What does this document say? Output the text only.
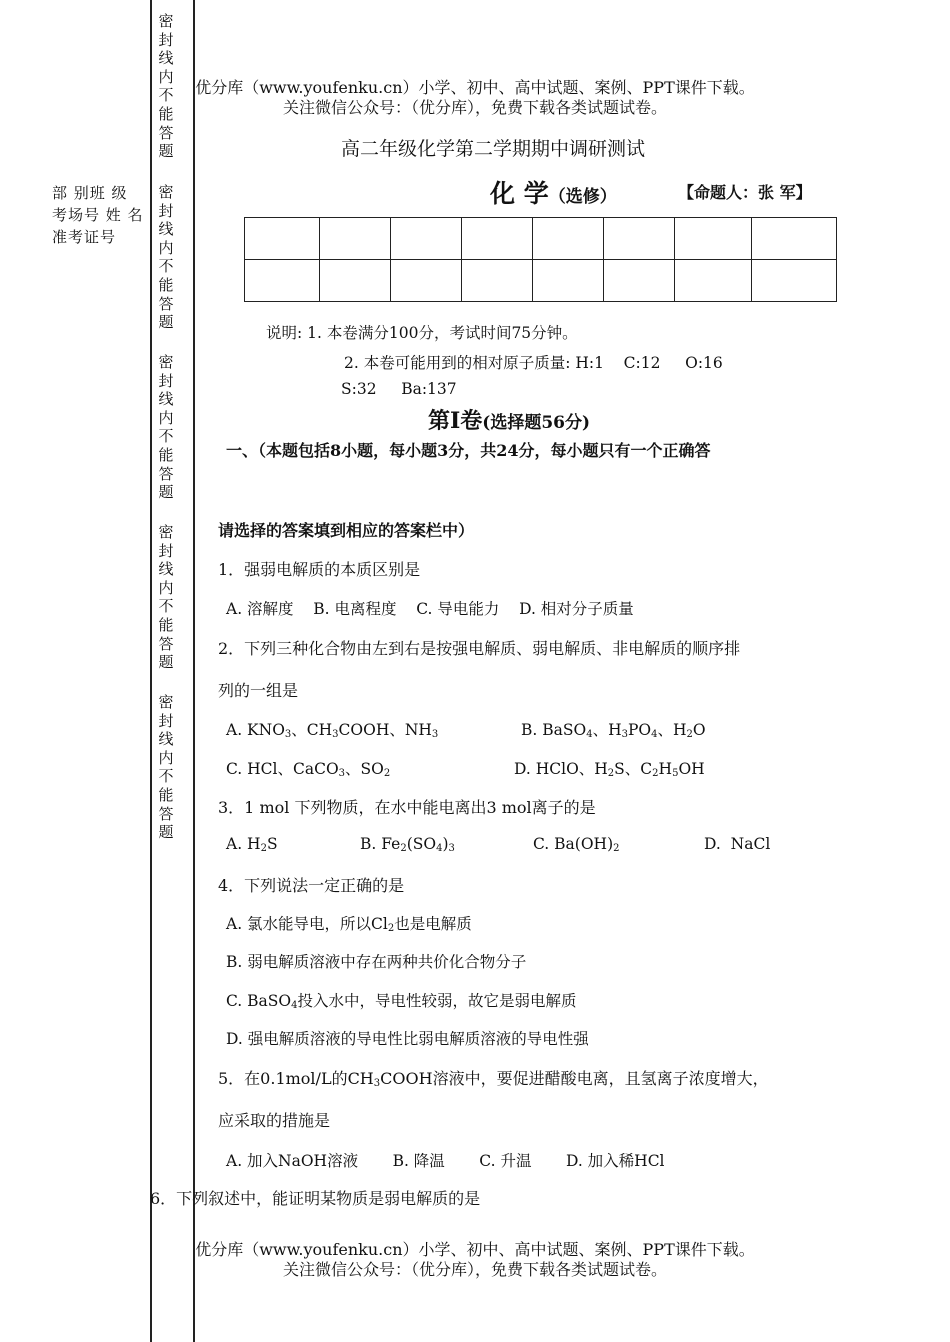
密封线内不能答题
密封线内不能答题
密封线内不能答题
密封线内不能答题
密封线内不能答题
部 别班 级 考场号 姓 名准考证号
优分库（www.youfenku.cn）小学、初中、高中试题、案例、PPT课件下载。
关注微信公众号：（优分库），免费下载各类试题试卷。
高二年级化学第二学期期中调研测试
化 学（选修）	【命题人：张 军】

说明: 1. 本卷满分100分，考试时间75分钟。
2. 本卷可能用到的相对原子质量: H:1    C:12     O:16
S:32     Ba:137
第Ⅰ卷(选择题56分)
一、（本题包括8小题，每小题3分，共24分，每小题只有一个正确答
请选择的答案填到相应的答案栏中）
1．强弱电解质的本质区别是
A. 溶解度    B. 电离程度    C. 导电能力    D. 相对分子质量
2．下列三种化合物由左到右是按强电解质、弱电解质、非电解质的顺序排
列的一组是
A. $KNO_3$、$CH_3COOH$、$NH_3$	B. BaSO$_4$、$H_3PO_4$、$H_2O$
C. HCl、CaCO$_3$、$SO_2$	D. HClO、$H_2S$、$C_2H_5OH$
3．1 mol 下列物质，在水中能电离出3 mol离子的是
A. $H_2S$	B. $Fe_2(SO_4)_3$	C. $Ba(OH)_2$	D.  NaCl
4．下列说法一定正确的是
A. 氯水能导电，所以$Cl_2$也是电解质
B. 弱电解质溶液中存在两种共价化合物分子
C. BaSO$_4$投入水中，导电性较弱，故它是弱电解质
D. 强电解质溶液的导电性比弱电解质溶液的导电性强
5．在0.1mol/L的$CH_3COOH$溶液中，要促进醋酸电离，且氢离子浓度增大，
应采取的措施是
A. 加入NaOH溶液       B. 降温       C. 升温       D. 加入稀HCl
6．下列叙述中，能证明某物质是弱电解质的是
优分库（www.youfenku.cn）小学、初中、高中试题、案例、PPT课件下载。
关注微信公众号：（优分库），免费下载各类试题试卷。
